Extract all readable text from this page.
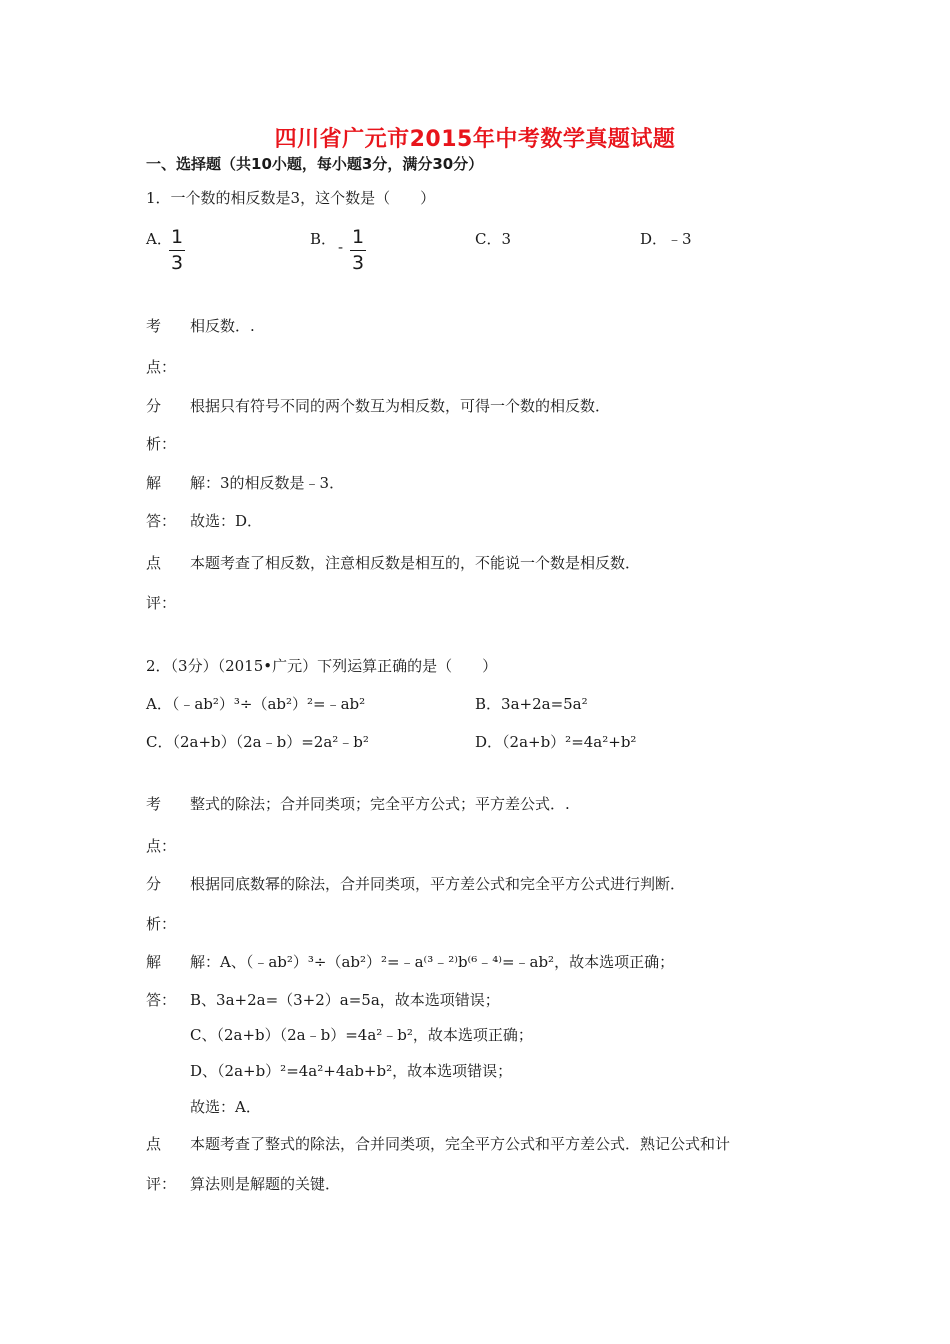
四川省广元市2015年中考数学真题试题
一、选择题（共10小题，每小题3分，满分30分）
1．一个数的相反数是3，这个数是（　　）
A．
$\frac{1}{3}$	B． - $\frac{1}{3}$	C．3	D．﹣3
考 相反数．.
点：
分 根据只有符号不同的两个数互为相反数，可得一个数的相反数．
析：
解 解：3的相反数是﹣3．
答： 故选：D．
点 本题考查了相反数，注意相反数是相互的，不能说一个数是相反数．
评：
2．（3分）（2015•广元）下列运算正确的是（　　）
A．（﹣ab²）³÷（ab²）²=﹣ab²	B．3a+2a=5a²
C．（2a+b）（2a﹣b）=2a²﹣b²	D．（2a+b）²=4a²+b²
考 整式的除法；合并同类项；完全平方公式；平方差公式．.
点：
分 根据同底数幂的除法，合并同类项，平方差公式和完全平方公式进行判断．
析：
解 解：A、（﹣ab²）³÷（ab²）²=﹣a⁽³﹣²⁾b⁽⁶﹣⁴⁾=﹣ab²，故本选项正确；
答： B、3a+2a=（3+2）a=5a，故本选项错误；
C、（2a+b）（2a﹣b）=4a²﹣b²，故本选项正确；
D、（2a+b）²=4a²+4ab+b²，故本选项错误；
故选：A．
点 本题考查了整式的除法，合并同类项，完全平方公式和平方差公式．熟记公式和计
评： 算法则是解题的关键．
